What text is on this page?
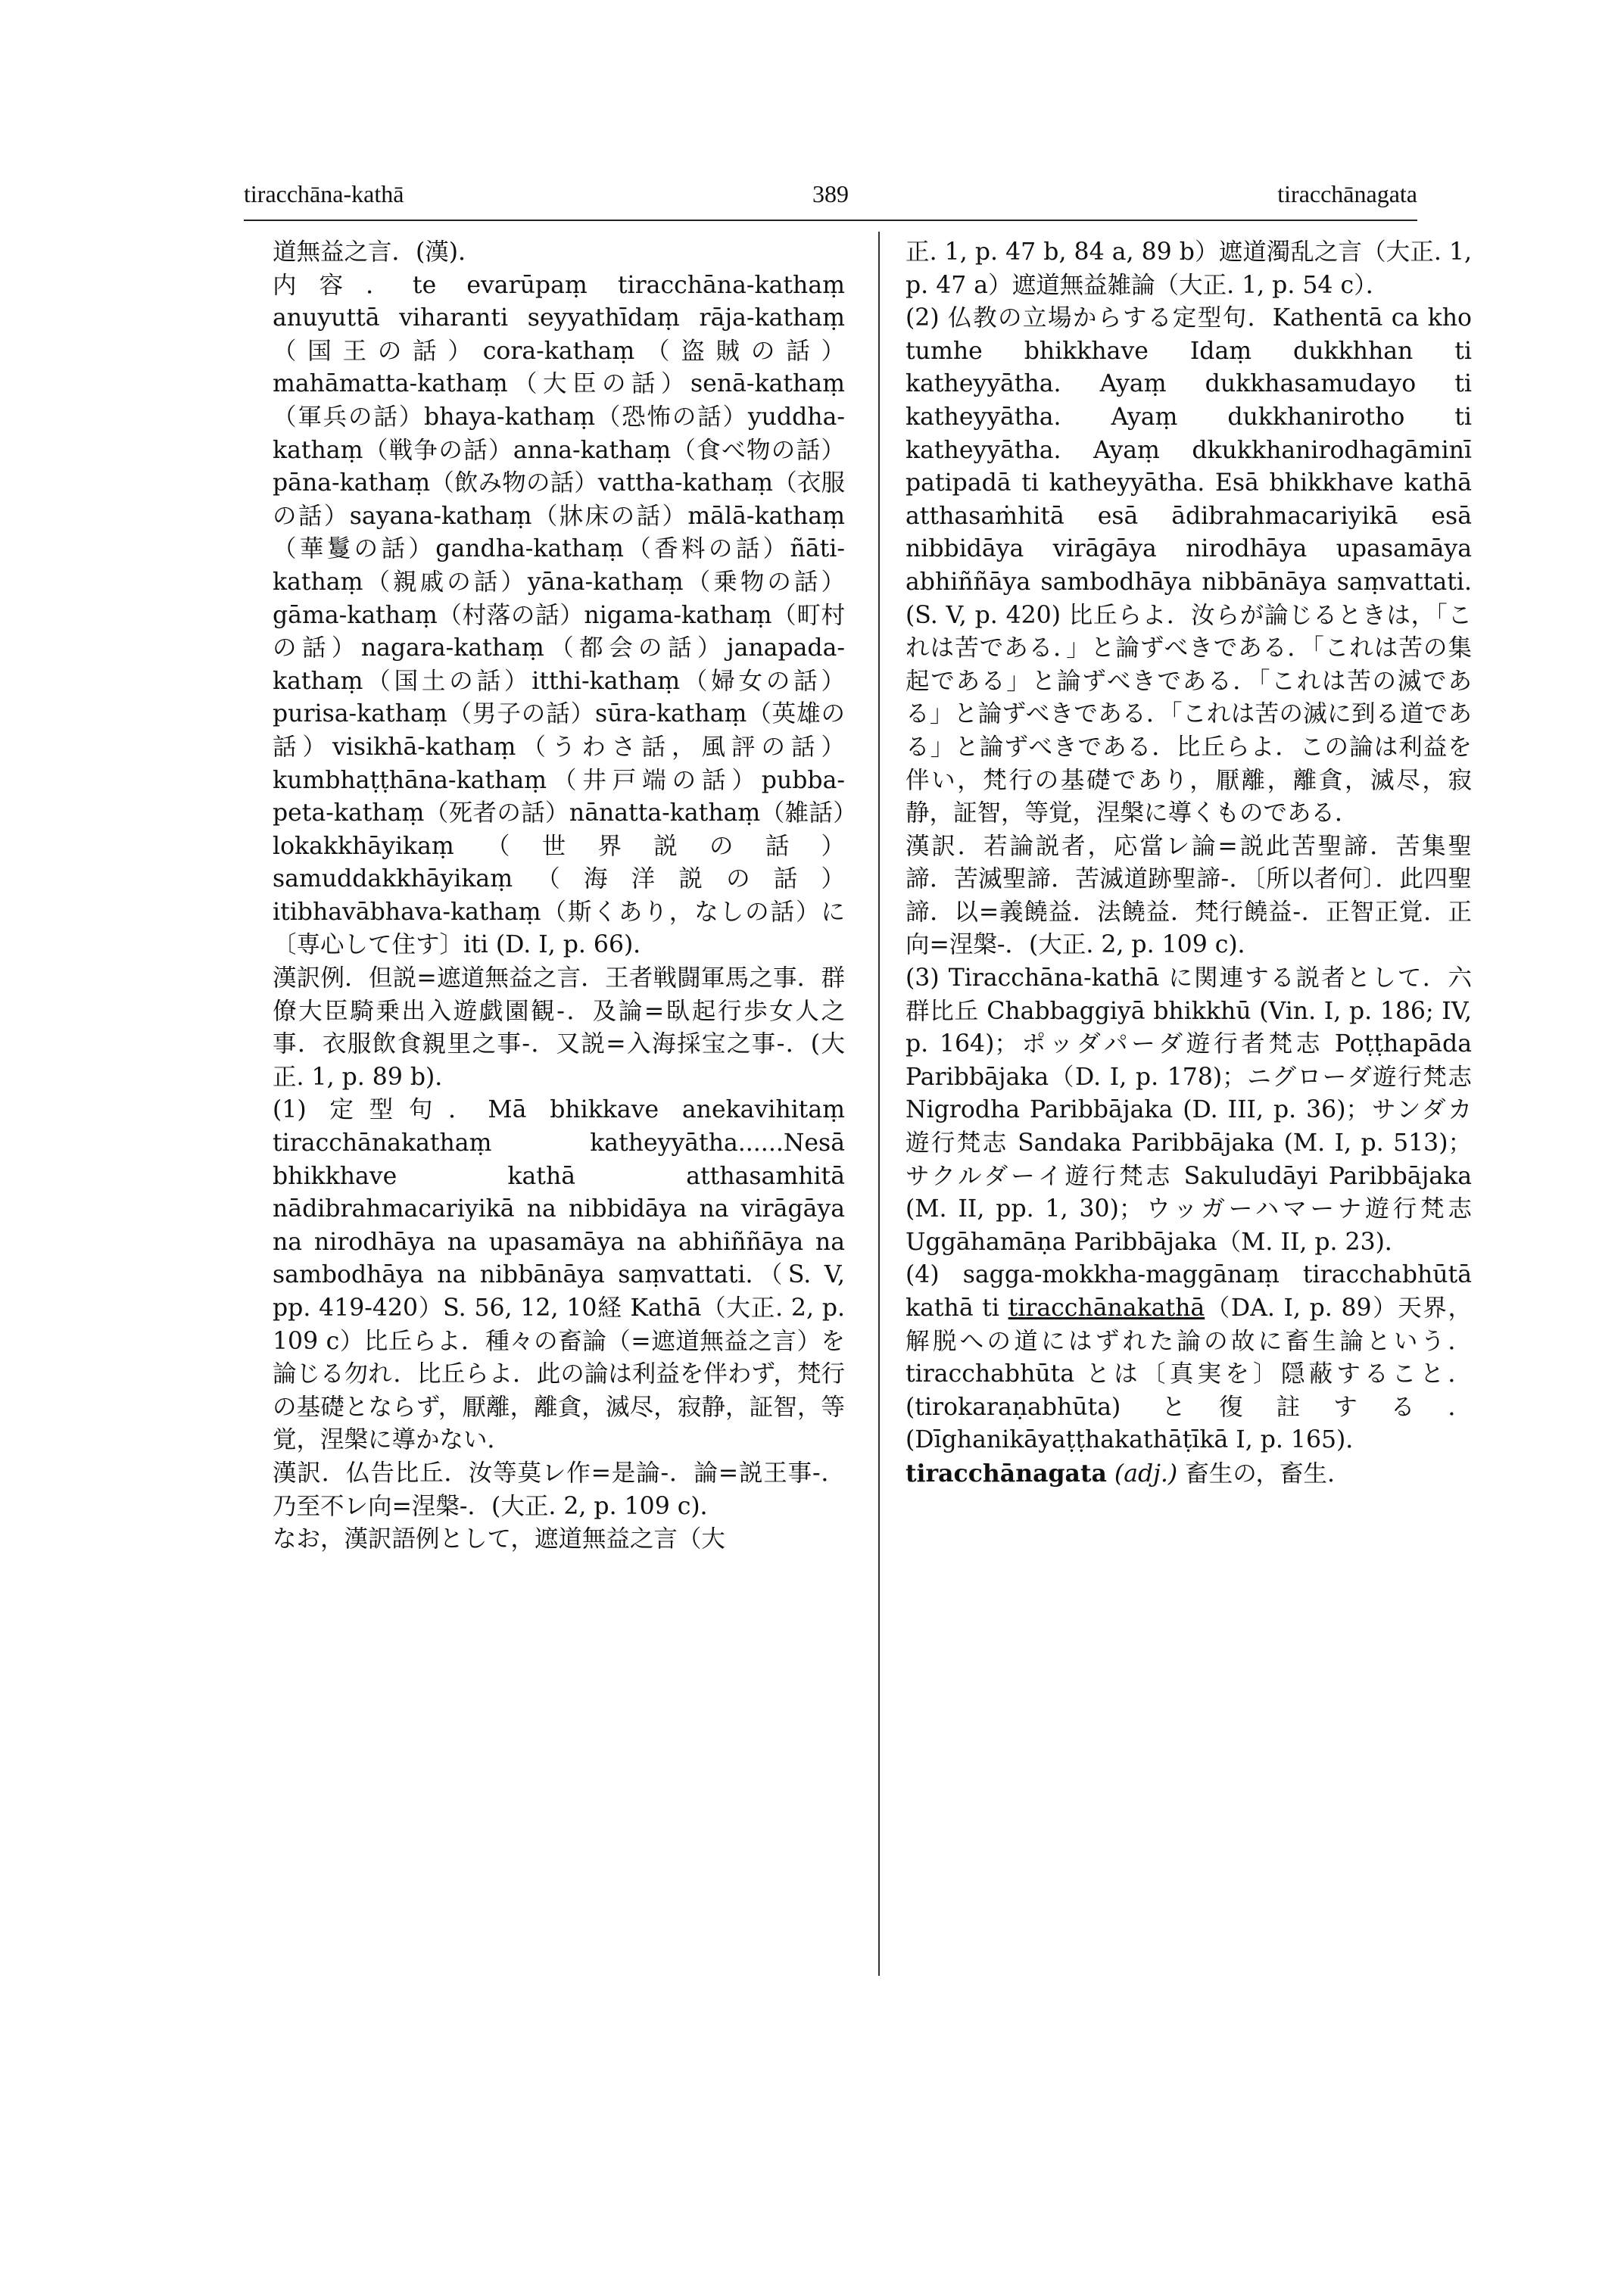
tiracchāna-kathā	389	tiracchānagata

道無益之言．(漢)．

内容．te evarūpaṃ tiracchāna-kathaṃ anuyuttā viharanti seyyathīdaṃ rāja-kathaṃ（国王の話）cora-kathaṃ（盗賊の話）mahāmatta-kathaṃ（大臣の話）senā-kathaṃ（軍兵の話）bhaya-kathaṃ（恐怖の話）yuddha-kathaṃ（戦争の話）anna-kathaṃ（食べ物の話）pāna-kathaṃ（飲み物の話）vattha-kathaṃ（衣服の話）sayana-kathaṃ（牀床の話）mālā-kathaṃ（華鬘の話）gandha-kathaṃ（香料の話）ñāti-kathaṃ（親戚の話）yāna-kathaṃ（乗物の話）gāma-kathaṃ（村落の話）nigama-kathaṃ（町村の話）nagara-kathaṃ（都会の話）janapada-kathaṃ（国土の話）itthi-kathaṃ（婦女の話）purisa-kathaṃ（男子の話）sūra-kathaṃ（英雄の話）visikhā-kathaṃ（うわさ話，風評の話）kumbhaṭṭhāna-kathaṃ（井戸端の話）pubba-peta-kathaṃ（死者の話）nānatta-kathaṃ（雑話）lokakkhāyikaṃ（世界説の話）samuddakkhāyikaṃ（海洋説の話）itibhavābhava-kathaṃ（斯くあり，なしの話）に〔専心して住す〕iti (D. I, p. 66)．

漢訳例．但説=遮道無益之言．王者戦闘軍馬之事．群僚大臣騎乗出入遊戯園観-．及論=臥起行歩女人之事．衣服飲食親里之事-．又説=入海採宝之事-．(大正. 1, p. 89 b)．

(1) 定型句．Mā bhikkave anekavihitaṃ tiracchānakathaṃ katheyyātha......Nesā bhikkhave kathā atthasamhitā nādibrahmacariyikā na nibbidāya na virāgāya na nirodhāya na upasamāya na abhiññāya na sambodhāya na nibbānāya saṃvattati.（S. V, pp. 419-420）S. 56, 12, 10経 Kathā（大正. 2, p. 109 c）比丘らよ．種々の畜論（=遮道無益之言）を論じる勿れ．比丘らよ．此の論は利益を伴わず，梵行の基礎とならず，厭離，離貪，滅尽，寂静，証智，等覚，涅槃に導かない．

漢訳．仏告比丘．汝等莫レ作=是論-．論=説王事-．乃至不レ向=涅槃-．(大正. 2, p. 109 c)．

なお，漢訳語例として，遮道無益之言（大

正. 1, p. 47 b, 84 a, 89 b）遮道濁乱之言（大正. 1, p. 47 a）遮道無益雑論（大正. 1, p. 54 c）．

(2) 仏教の立場からする定型句．Kathentā ca kho tumhe bhikkhave Idaṃ dukkhhan ti katheyyātha. Ayaṃ dukkhasamudayo ti katheyyātha. Ayaṃ dukkhanirotho ti katheyyātha. Ayaṃ dkukkhanirodhagāminī patipadā ti katheyyātha. Esā bhikkhave kathā atthasaṁhitā esā ādibrahmacariyikā esā nibbidāya virāgāya nirodhāya upasamāya abhiññāya sambodhāya nibbānāya saṃvattati. (S. V, p. 420) 比丘らよ．汝らが論じるときは，「これは苦である．」と論ずべきである．「これは苦の集起である」と論ずべきである．「これは苦の滅である」と論ずべきである．「これは苦の滅に到る道である」と論ずべきである．比丘らよ．この論は利益を伴い，梵行の基礎であり，厭離，離貪，滅尽，寂静，証智，等覚，涅槃に導くものである．

漢訳．若論説者，応當レ論=説此苦聖諦．苦集聖諦．苦滅聖諦．苦滅道跡聖諦-．〔所以者何〕．此四聖諦．以=義饒益．法饒益．梵行饒益-．正智正覚．正向=涅槃-．(大正. 2, p. 109 c)．

(3) Tiracchāna-kathā に関連する説者として．六群比丘 Chabbaggiyā bhikkhū (Vin. I, p. 186; IV, p. 164)；ポッダパーダ遊行者梵志 Poṭṭhapāda Paribbājaka（D. I, p. 178)；ニグローダ遊行梵志 Nigrodha Paribbājaka (D. III, p. 36)；サンダカ遊行梵志 Sandaka Paribbājaka (M. I, p. 513)；サクルダーイ遊行梵志 Sakuludāyi Paribbājaka (M. II, pp. 1, 30)；ウッガーハマーナ遊行梵志 Uggāhamāṇa Paribbājaka（M. II, p. 23)．

(4) sagga-mokkha-maggānaṃ tiracchabhūtā kathā ti tiracchānakathā（DA. I, p. 89）天界，解脱への道にはずれた論の故に畜生論という．tiracchabhūta とは〔真実を〕隠蔽すること．(tirokaraṇabhūta) と復註する．(Dīghanikāyaṭṭhakathāṭīkā I, p. 165)．

tiracchānagata (adj.) 畜生の，畜生.
